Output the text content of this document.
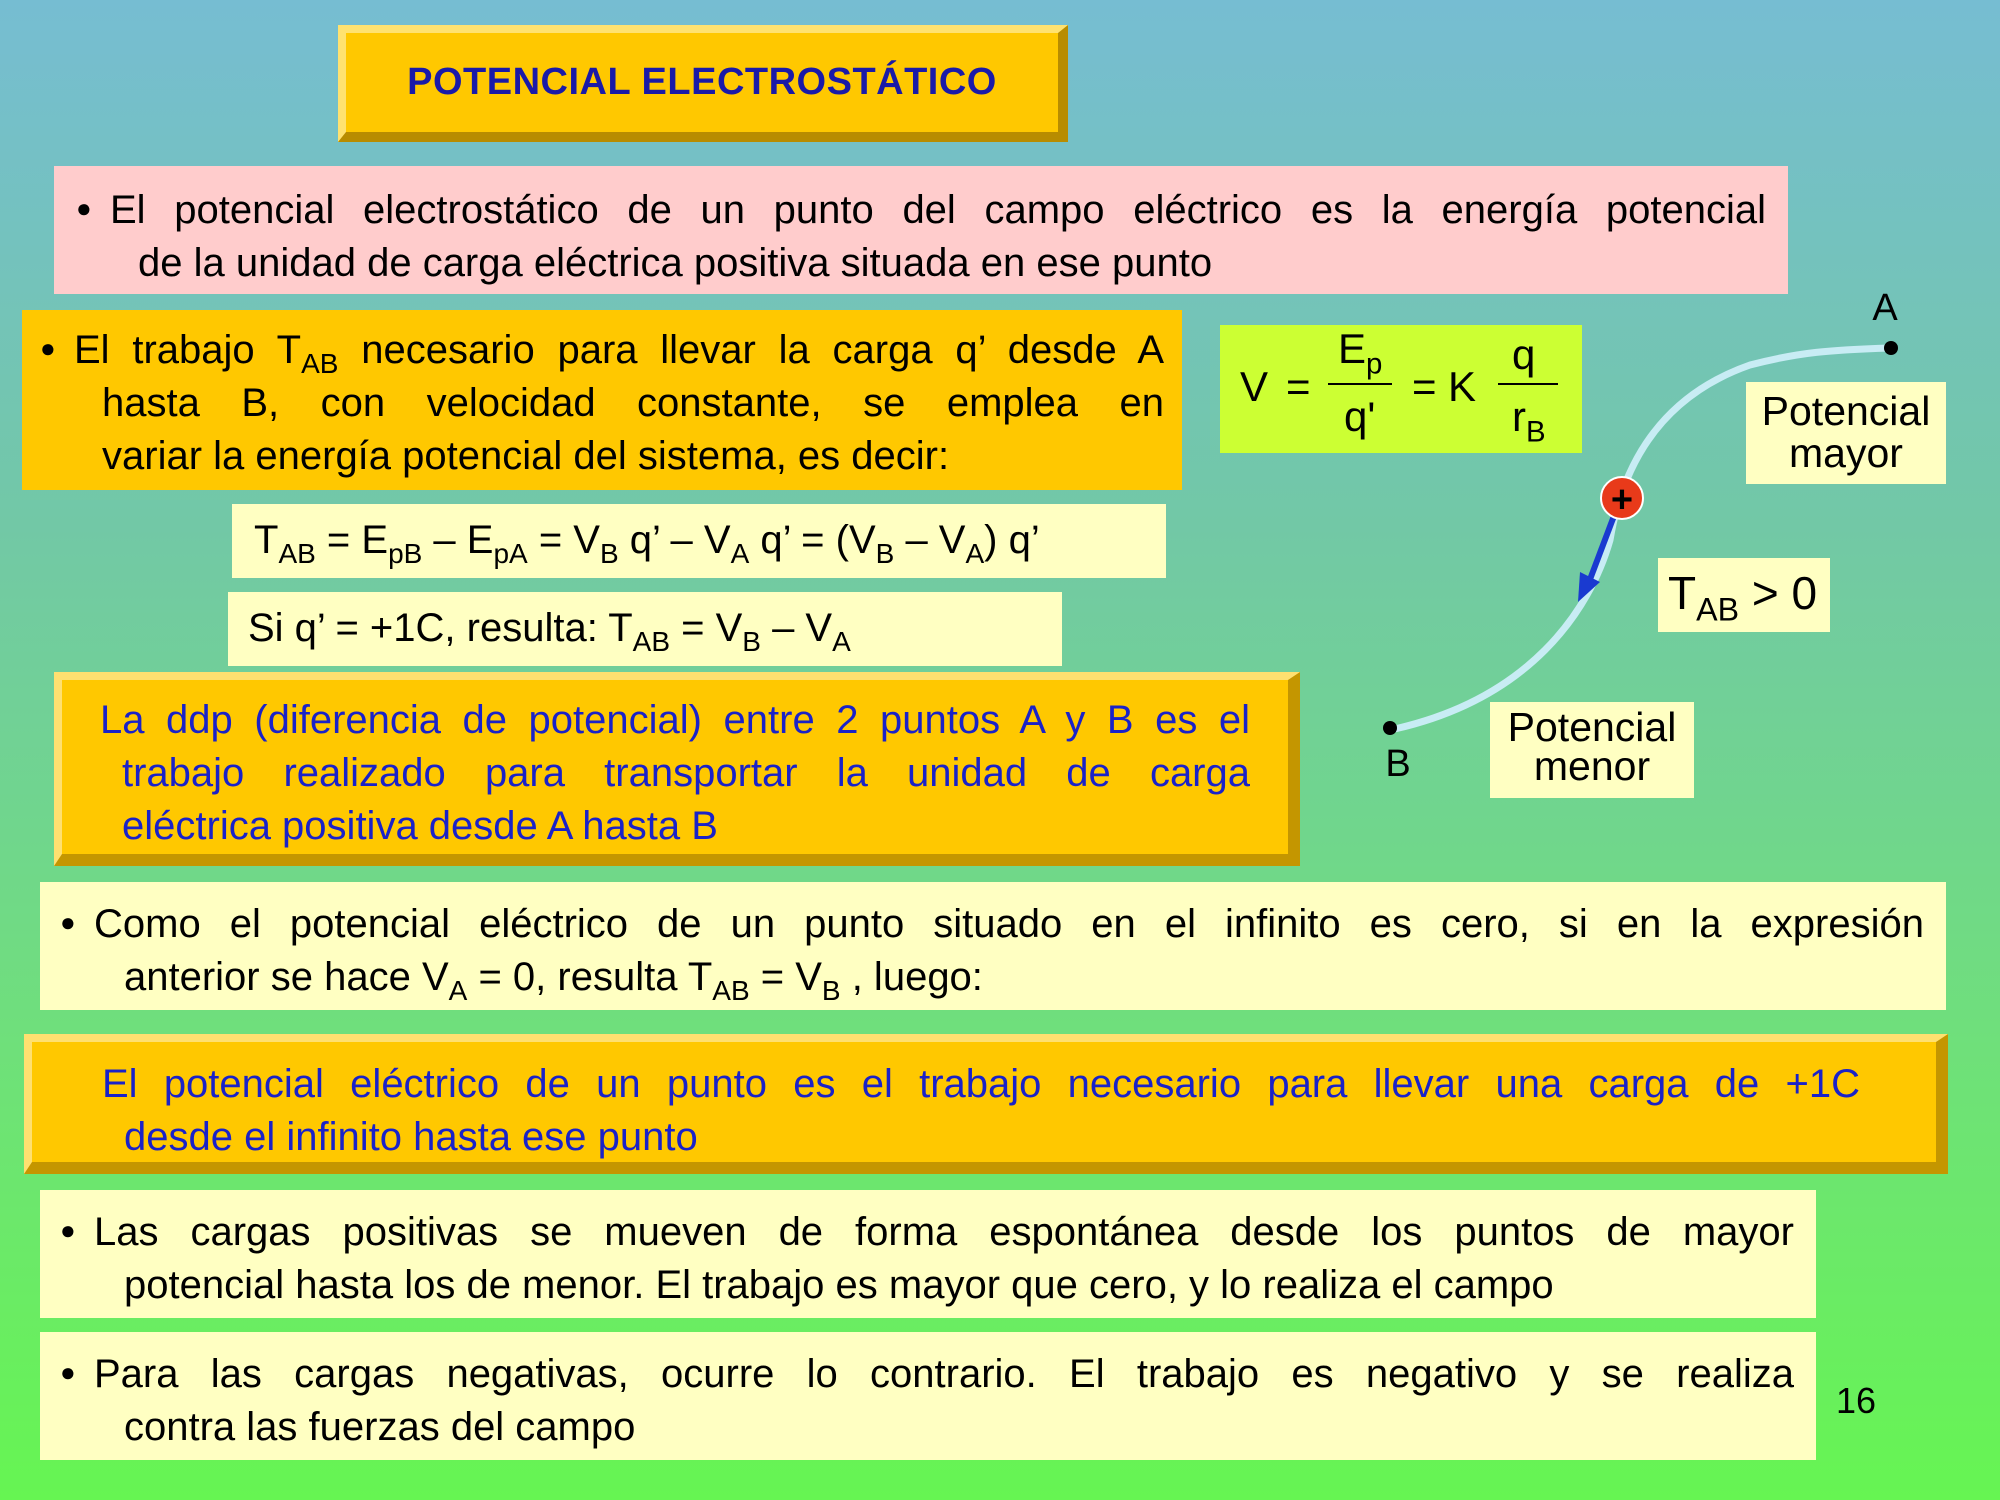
POTENCIAL ELECTROSTÁTICO
● El potencial electrostático de un punto del campo eléctrico es la energía potencial
de la unidad de carga eléctrica positiva situada en ese punto
● El trabajo $T_{AB}$ necesario para llevar la carga q’ desde A
hasta B, con velocidad constante, se emplea en
variar la energía potencial del sistema, es decir:
V =
$E_p$
q'
= K
q
$r_B$
$T_{AB} = E_{pB} - E_{pA} = V_B$ q’ – $V_A$ q’ = $(V_B - V_A)$ q’
Si q’ = +1C, resulta: $T_{AB} = V_B - V_A$
La ddp (diferencia de potencial) entre 2 puntos A y B es el
trabajo realizado para transportar la unidad de carga
eléctrica positiva desde A hasta B
+
A
B
Potencial
mayor
Potencial
menor
$T_{AB} > 0$
● Como el potencial eléctrico de un punto situado en el infinito es cero, si en la expresión
anterior se hace $V_A = 0$, resulta $T_{AB} = V_B$ , luego:
El potencial eléctrico de un punto es el trabajo necesario para llevar una carga de +1C
desde el infinito hasta ese punto
● Las cargas positivas se mueven de forma espontánea desde los puntos de mayor
potencial hasta los de menor. El trabajo es mayor que cero, y lo realiza el campo
● Para las cargas negativas, ocurre lo contrario. El trabajo es negativo y se realiza
contra las fuerzas del campo
16
